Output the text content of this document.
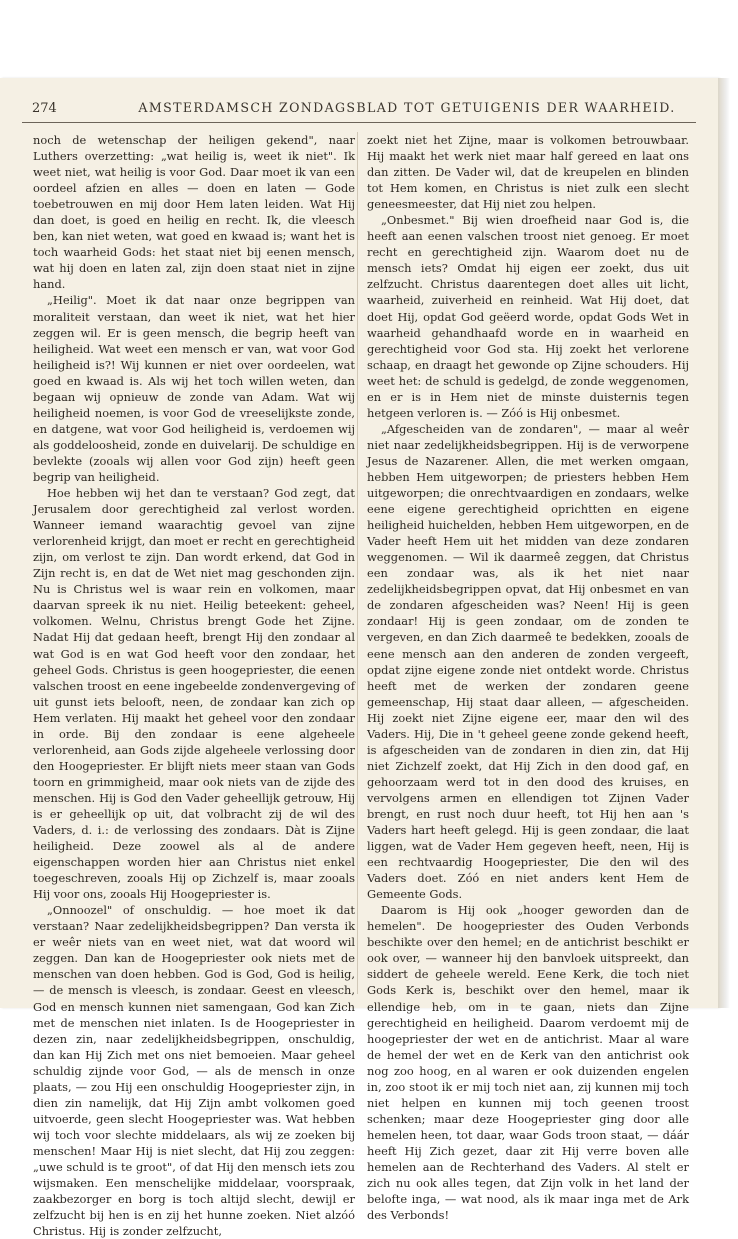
274	AMSTERDAMSCH ZONDAGSBLAD TOT GETUIGENIS DER WAARHEID.

noch de wetenschap der heiligen gekend", naar Luthers overzetting: „wat heilig is, weet ik niet". Ik weet niet, wat heilig is voor God. Daar moet ik van een oordeel afzien en alles — doen en laten — Gode toebetrouwen en mij door Hem laten leiden. Wat Hij dan doet, is goed en heilig en recht. Ik, die vleesch ben, kan niet weten, wat goed en kwaad is; want het is toch waarheid Gods: het staat niet bij eenen mensch, wat hij doen en laten zal, zijn doen staat niet in zijne hand.

„Heilig". Moet ik dat naar onze begrippen van moraliteit verstaan, dan weet ik niet, wat het hier zeggen wil. Er is geen mensch, die begrip heeft van heiligheid. Wat weet een mensch er van, wat voor God heiligheid is?! Wij kunnen er niet over oordeelen, wat goed en kwaad is. Als wij het toch willen weten, dan begaan wij opnieuw de zonde van Adam. Wat wij heiligheid noemen, is voor God de vreeselijkste zonde, en datgene, wat voor God heiligheid is, verdoemen wij als goddeloosheid, zonde en duivelarij. De schuldige en bevlekte (zooals wij allen voor God zijn) heeft geen begrip van heiligheid.

Hoe hebben wij het dan te verstaan? God zegt, dat Jerusalem door gerechtigheid zal verlost worden. Wanneer iemand waarachtig gevoel van zijne verlorenheid krijgt, dan moet er recht en gerechtigheid zijn, om verlost te zijn. Dan wordt erkend, dat God in Zijn recht is, en dat de Wet niet mag geschonden zijn. Nu is Christus wel is waar rein en volkomen, maar daarvan spreek ik nu niet. Heilig beteekent: geheel, volkomen. Welnu, Christus brengt Gode het Zijne. Nadat Hij dat gedaan heeft, brengt Hij den zondaar al wat God is en wat God heeft voor den zondaar, het geheel Gods. Christus is geen hoogepriester, die eenen valschen troost en eene ingebeelde zondenvergeving of uit gunst iets belooft, neen, de zondaar kan zich op Hem verlaten. Hij maakt het geheel voor den zondaar in orde. Bij den zondaar is eene algeheele verlorenheid, aan Gods zijde algeheele verlossing door den Hoogepriester. Er blijft niets meer staan van Gods toorn en grimmigheid, maar ook niets van de zijde des menschen. Hij is God den Vader geheellijk getrouw, Hij is er geheellijk op uit, dat volbracht zij de wil des Vaders, d. i.: de verlossing des zondaars. Dàt is Zijne heiligheid. Deze zoowel als al de andere eigenschappen worden hier aan Christus niet enkel toegeschreven, zooals Hij op Zichzelf is, maar zooals Hij voor ons, zooals Hij Hoogepriester is.

„Onnoozel" of onschuldig. — hoe moet ik dat verstaan? Naar zedelijkheidsbegrippen? Dan versta ik er weêr niets van en weet niet, wat dat woord wil zeggen. Dan kan de Hoogepriester ook niets met de menschen van doen hebben. God is God, God is heilig, — de mensch is vleesch, is zondaar. Geest en vleesch, God en mensch kunnen niet samengaan, God kan Zich met de menschen niet inlaten. Is de Hoogepriester in dezen zin, naar zedelijkheidsbegrippen, onschuldig, dan kan Hij Zich met ons niet bemoeien. Maar geheel schuldig zijnde voor God, — als de mensch in onze plaats, — zou Hij een onschuldig Hoogepriester zijn, in dien zin namelijk, dat Hij Zijn ambt volkomen goed uitvoerde, geen slecht Hoogepriester was. Wat hebben wij toch voor slechte middelaars, als wij ze zoeken bij menschen! Maar Hij is niet slecht, dat Hij zou zeggen: „uwe schuld is te groot", of dat Hij den mensch iets zou wijsmaken. Een menschelijke middelaar, voorspraak, zaakbezorger en borg is toch altijd slecht, dewijl er zelfzucht bij hen is en zij het hunne zoeken. Niet alzóó Christus. Hij is zonder zelfzucht,

zoekt niet het Zijne, maar is volkomen betrouwbaar. Hij maakt het werk niet maar half gereed en laat ons dan zitten. De Vader wil, dat de kreupelen en blinden tot Hem komen, en Christus is niet zulk een slecht geneesmeester, dat Hij niet zou helpen.

„Onbesmet." Bij wien droefheid naar God is, die heeft aan eenen valschen troost niet genoeg. Er moet recht en gerechtigheid zijn. Waarom doet nu de mensch iets? Omdat hij eigen eer zoekt, dus uit zelfzucht. Christus daarentegen doet alles uit licht, waarheid, zuiverheid en reinheid. Wat Hij doet, dat doet Hij, opdat God geëerd worde, opdat Gods Wet in waarheid gehandhaafd worde en in waarheid en gerechtigheid voor God sta. Hij zoekt het verlorene schaap, en draagt het gewonde op Zijne schouders. Hij weet het: de schuld is gedelgd, de zonde weggenomen, en er is in Hem niet de minste duisternis tegen hetgeen verloren is. — Zóó is Hij onbesmet.

„Afgescheiden van de zondaren", — maar al weêr niet naar zedelijkheidsbegrippen. Hij is de verworpene Jesus de Nazarener. Allen, die met werken omgaan, hebben Hem uitgeworpen; de priesters hebben Hem uitgeworpen; die onrechtvaardigen en zondaars, welke eene eigene gerechtigheid oprichtten en eigene heiligheid huichelden, hebben Hem uitgeworpen, en de Vader heeft Hem uit het midden van deze zondaren weggenomen. — Wil ik daarmeê zeggen, dat Christus een zondaar was, als ik het niet naar zedelijkheidsbegrippen opvat, dat Hij onbesmet en van de zondaren afgescheiden was? Neen! Hij is geen zondaar! Hij is geen zondaar, om de zonden te vergeven, en dan Zich daarmeê te bedekken, zooals de eene mensch aan den anderen de zonden vergeeft, opdat zijne eigene zonde niet ontdekt worde. Christus heeft met de werken der zondaren geene gemeenschap, Hij staat daar alleen, — afgescheiden. Hij zoekt niet Zijne eigene eer, maar den wil des Vaders. Hij, Die in 't geheel geene zonde gekend heeft, is afgescheiden van de zondaren in dien zin, dat Hij niet Zichzelf zoekt, dat Hij Zich in den dood gaf, en gehoorzaam werd tot in den dood des kruises, en vervolgens armen en ellendigen tot Zijnen Vader brengt, en rust noch duur heeft, tot Hij hen aan 's Vaders hart heeft gelegd. Hij is geen zondaar, die laat liggen, wat de Vader Hem gegeven heeft, neen, Hij is een rechtvaardig Hoogepriester, Die den wil des Vaders doet. Zóó en niet anders kent Hem de Gemeente Gods.

Daarom is Hij ook „hooger geworden dan de hemelen". De hoogepriester des Ouden Verbonds beschikte over den hemel; en de antichrist beschikt er ook over, — wanneer hij den banvloek uitspreekt, dan siddert de geheele wereld. Eene Kerk, die toch niet Gods Kerk is, beschikt over den hemel, maar ik ellendige heb, om in te gaan, niets dan Zijne gerechtigheid en heiligheid. Daarom verdoemt mij de hoogepriester der wet en de antichrist. Maar al ware de hemel der wet en de Kerk van den antichrist ook nog zoo hoog, en al waren er ook duizenden engelen in, zoo stoot ik er mij toch niet aan, zij kunnen mij toch niet helpen en kunnen mij toch geenen troost schenken; maar deze Hoogepriester ging door alle hemelen heen, tot daar, waar Gods troon staat, — dáár heeft Hij Zich gezet, daar zit Hij verre boven alle hemelen aan de Rechterhand des Vaders. Al stelt er zich nu ook alles tegen, dat Zijn volk in het land der belofte inga, — wat nood, als ik maar inga met de Ark des Verbonds!
